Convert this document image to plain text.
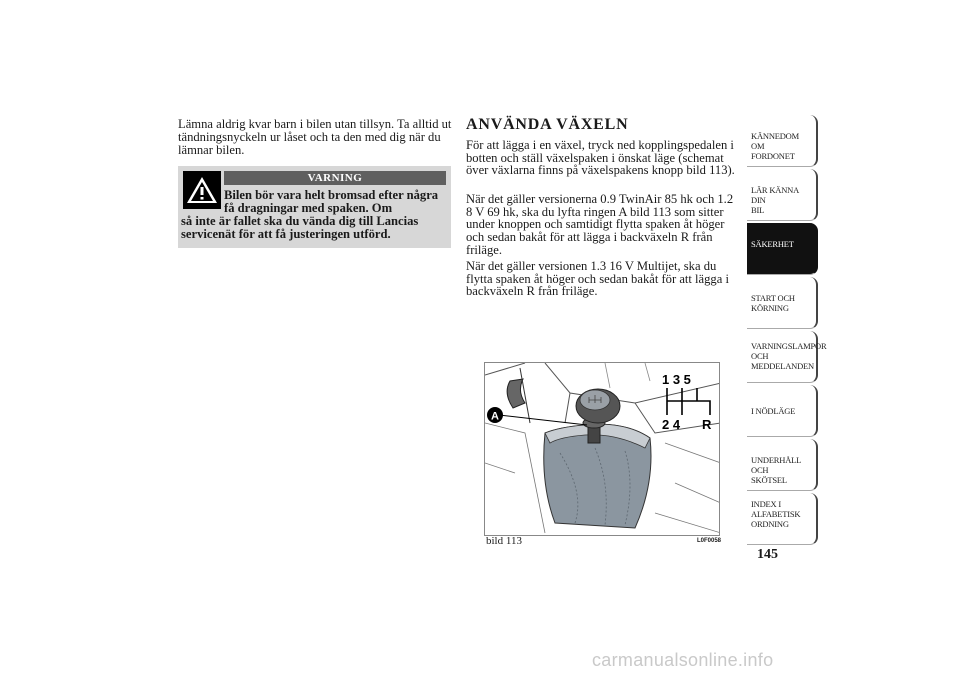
Lämna aldrig kvar barn i bilen utan tillsyn. Ta alltid ut tändningsnyckeln ur låset och ta den med dig när du lämnar bilen.
VARNING
Bilen bör vara helt bromsad efter några få dragningar med spaken. Om
så inte är fallet ska du vända dig till Lancias servicenät för att få justeringen utförd.
ANVÄNDA VÄXELN
För att lägga i en växel, tryck ned kopplingspedalen i botten och ställ växelspaken i önskat läge (schemat över växlarna finns på växelspakens knopp bild 113).
När det gäller versionerna 0.9 TwinAir 85 hk och 1.2 8 V 69 hk, ska du lyfta ringen A bild 113 som sitter under knoppen och samtidigt flytta spaken åt höger och sedan bakåt för att lägga i backväxeln R från friläge.
När det gäller versionen 1.3 16 V Multijet, ska du flytta spaken åt höger och sedan bakåt för att lägga i backväxeln R från friläge.
A
1 3 5
2 4 R
bild 113	L0F0058
KÄNNEDOM OM
FORDONET
LÄR KÄNNA DIN
BIL
SÄKERHET
START OCH
KÖRNING
VARNINGSLAMPOR
OCH
MEDDELANDEN
I NÖDLÄGE
UNDERHÅLL OCH
SKÖTSEL
INDEX I
ALFABETISK
ORDNING
145
carmanualsonline.info
